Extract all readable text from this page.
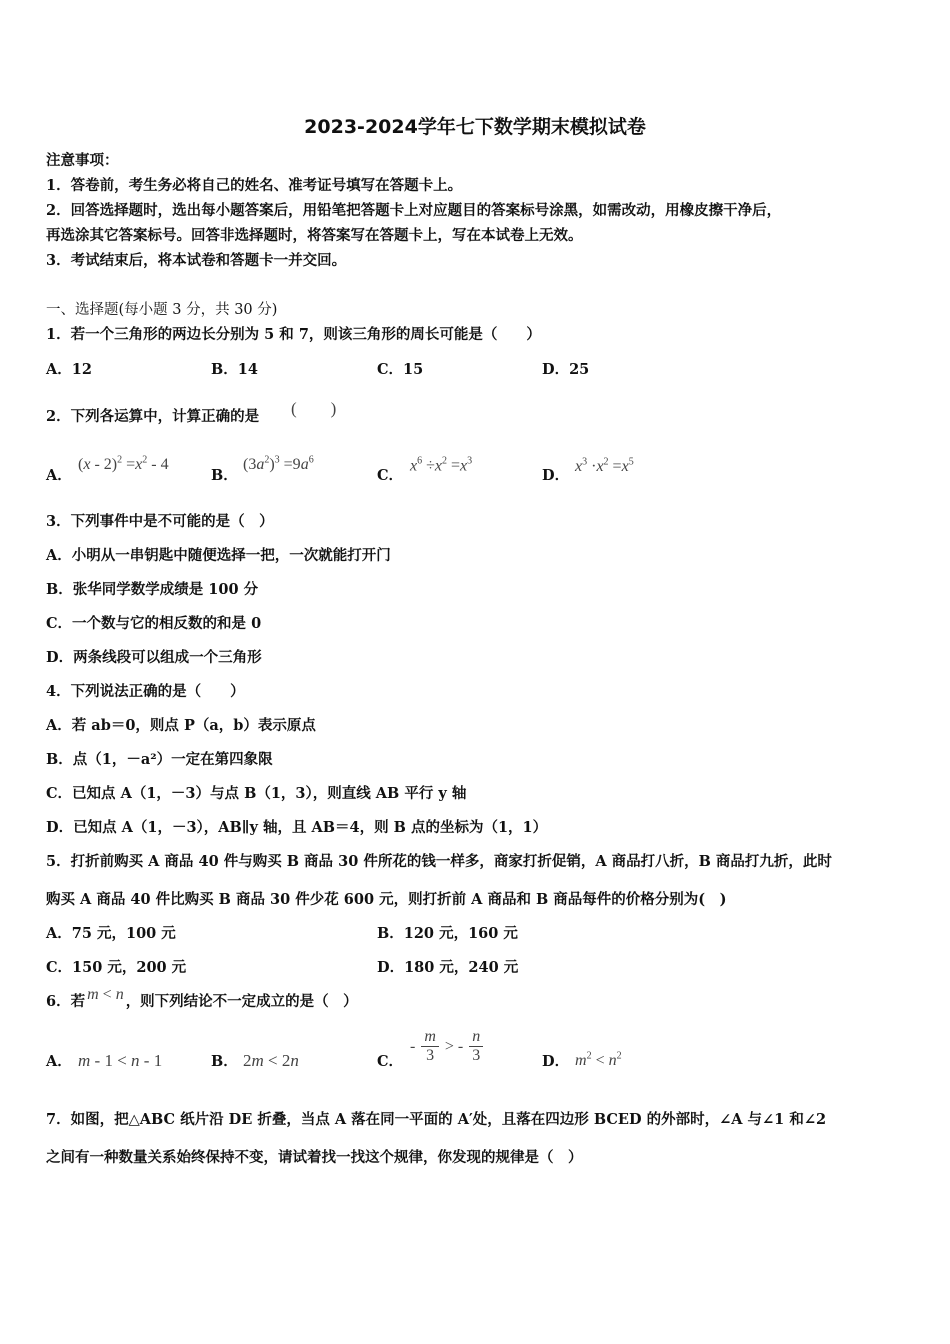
2023-2024学年七下数学期末模拟试卷
注意事项：
1．答卷前，考生务必将自己的姓名、准考证号填写在答题卡上。
2．回答选择题时，选出每小题答案后，用铅笔把答题卡上对应题目的答案标号涂黑，如需改动，用橡皮擦干净后，
再选涂其它答案标号。回答非选择题时，将答案写在答题卡上，写在本试卷上无效。
3．考试结束后，将本试卷和答题卡一并交回。
一、选择题(每小题 3 分，共 30 分)
1．若一个三角形的两边长分别为 5 和 7，则该三角形的周长可能是（　　）
A．12	B．14	C．15	D．25
2．下列各运算中，计算正确的是 (　　)
A．
$(x - 2)^2 =x^2 - 4$
B．
$(3a^2)^3 =9a^6$
C．
$x^6 \div x^2 =x^3$
D．
$x^3 \cdot x^2 =x^5$
3．下列事件中是不可能的是（　）
A．小明从一串钥匙中随便选择一把，一次就能打开门
B．张华同学数学成绩是 100 分
C．一个数与它的相反数的和是 0
D．两条线段可以组成一个三角形
4．下列说法正确的是（　　）
A．若 ab＝0，则点 P（a，b）表示原点
B．点（1，－a²）一定在第四象限
C．已知点 A（1，－3）与点 B（1，3），则直线 AB 平行 y 轴
D．已知点 A（1，－3），AB∥y 轴，且 AB＝4，则 B 点的坐标为（1，1）
5．打折前购买 A 商品 40 件与购买 B 商品 30 件所花的钱一样多，商家打折促销，A 商品打八折，B 商品打九折，此时
购买 A 商品 40 件比购买 B 商品 30 件少花 600 元，则打折前 A 商品和 B 商品每件的价格分别为(　)
A．75 元，100 元	B．120 元，160 元
C．150 元，200 元	D．180 元，240 元
6．若 m < n ，则下列结论不一定成立的是（　）
A． m - 1 < n - 1	B． 2m < 2n	C．
- $\frac{m}{3}$ > - $\frac{n}{3}$	D． $m^2 < n^2$
7．如图，把△ABC 纸片沿 DE 折叠，当点 A 落在同一平面的 A′处，且落在四边形 BCED 的外部时，∠A 与∠1 和∠2
之间有一种数量关系始终保持不变，请试着找一找这个规律，你发现的规律是（　）
